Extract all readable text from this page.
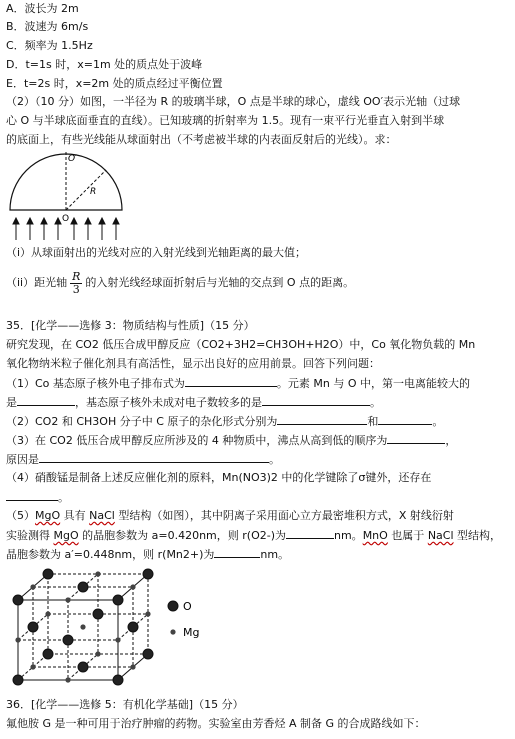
A．波长为 2m
B．波速为 6m/s
C．频率为 1.5Hz
D．t=1s 时，x=1m 处的质点处于波峰
E．t=2s 时，x=2m 处的质点经过平衡位置
（2）（10 分）如图，一半径为 R 的玻璃半球，O 点是半球的球心，虚线 OO′表示光轴（过球
心 O 与半球底面垂直的直线）。已知玻璃的折射率为 1.5。现有一束平行光垂直入射到半球
的底面上，有些光线能从球面射出（不考虑被半球的内表面反射后的光线）。求：
O′
R
O
（i）从球面射出的光线对应的入射光线到光轴距离的最大值；
（ii）距光轴 $\frac{R}{3}$ 的入射光线经球面折射后与光轴的交点到 O 点的距离。
35．[化学——选修 3：物质结构与性质]（15 分）
研究发现，在 CO2 低压合成甲醇反应（CO2+3H2=CH3OH+H2O）中，Co 氧化物负载的 Mn
氧化物纳米粒子催化剂具有高活性，显示出良好的应用前景。回答下列问题：
（1）Co 基态原子核外电子排布式为	。元素 Mn 与 O 中，第一电离能较大的
是	，基态原子核外未成对电子数较多的是	。
（2）CO2 和 CH3OH 分子中 C 原子的杂化形式分别为	和	。
（3）在 CO2 低压合成甲醇反应所涉及的 4 种物质中，沸点从高到低的顺序为	，
原因是	。
（4）硝酸锰是制备上述反应催化剂的原料，Mn(NO3)2 中的化学键除了σ键外，还存在
。
（5）MgO 具有 NaCl 型结构（如图），其中阴离子采用面心立方最密堆积方式，X 射线衍射
实验测得 MgO 的晶胞参数为 a=0.420nm，则 r(O2-)为	nm。MnO 也属于 NaCl 型结构，
晶胞参数为 a′=0.448nm，则 r(Mn2+)为	nm。
O
Mg
36．[化学——选修 5：有机化学基础]（15 分）
氟他胺 G 是一种可用于治疗肿瘤的药物。实验室由芳香烃 A 制备 G 的合成路线如下：
